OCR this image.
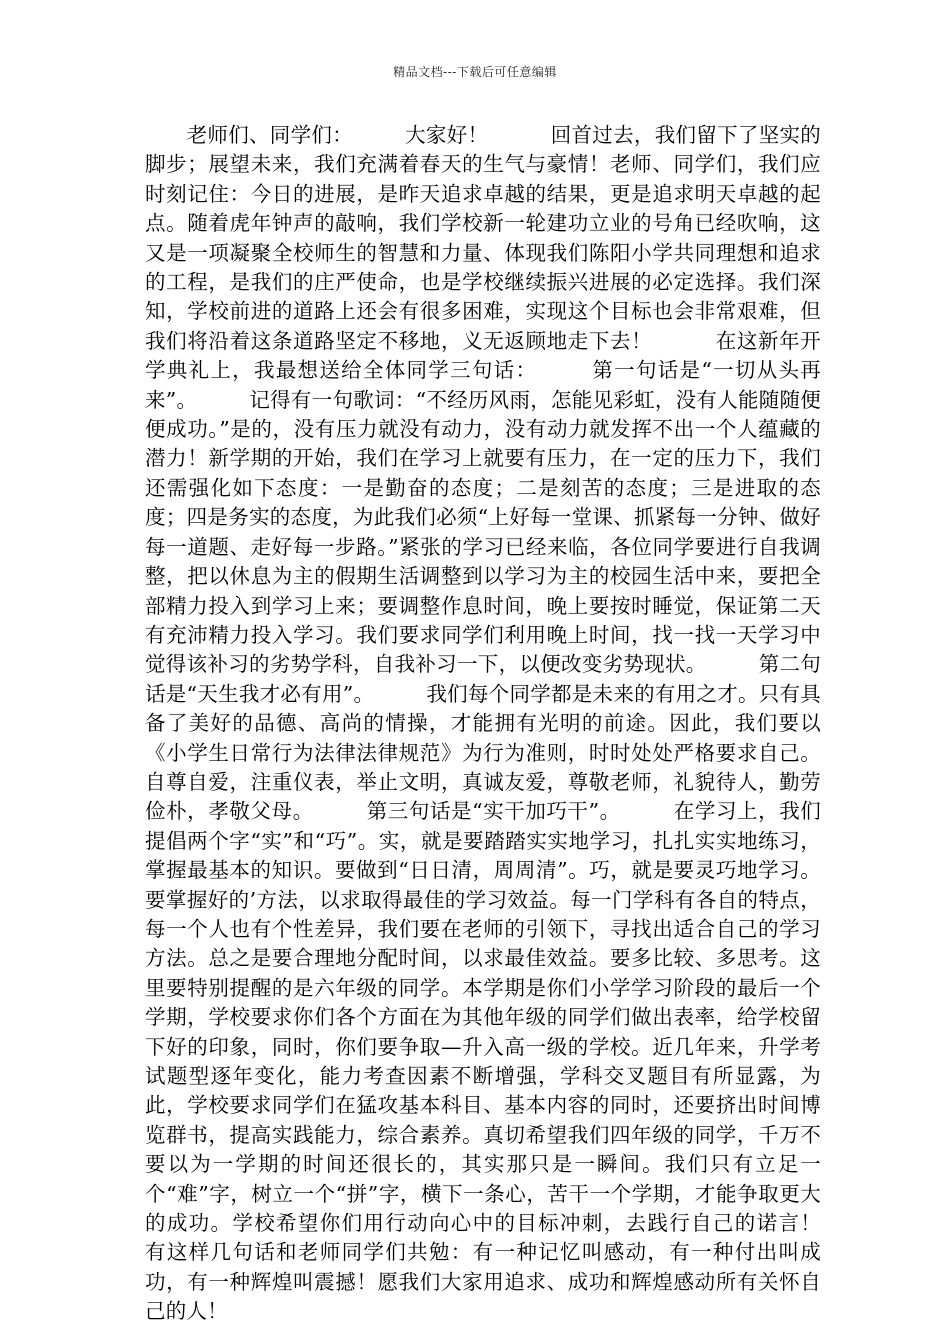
精品文档---下载后可任意编辑

　　老师们、同学们：　　　大家好！　　　回首过去，我们留下了坚实的脚步；展望未来，我们充满着春天的生气与豪情！老师、同学们，我们应时刻记住：今日的进展，是昨天追求卓越的结果，更是追求明天卓越的起点。随着虎年钟声的敲响，我们学校新一轮建功立业的号角已经吹响，这又是一项凝聚全校师生的智慧和力量、体现我们陈阳小学共同理想和追求的工程，是我们的庄严使命，也是学校继续振兴进展的必定选择。我们深知，学校前进的道路上还会有很多困难，实现这个目标也会非常艰难，但我们将沿着这条道路坚定不移地，义无返顾地走下去！　　　在这新年开学典礼上，我最想送给全体同学三句话：　　　第一句话是“一切从头再来”。　　　记得有一句歌词：“不经历风雨，怎能见彩虹，没有人能随随便便成功。”是的，没有压力就没有动力，没有动力就发挥不出一个人蕴藏的潜力！新学期的开始，我们在学习上就要有压力，在一定的压力下，我们还需强化如下态度：一是勤奋的态度；二是刻苦的态度；三是进取的态度；四是务实的态度，为此我们必须“上好每一堂课、抓紧每一分钟、做好每一道题、走好每一步路。”紧张的学习已经来临，各位同学要进行自我调整，把以休息为主的假期生活调整到以学习为主的校园生活中来，要把全部精力投入到学习上来；要调整作息时间，晚上要按时睡觉，保证第二天有充沛精力投入学习。我们要求同学们利用晚上时间，找一找一天学习中觉得该补习的劣势学科，自我补习一下，以便改变劣势现状。　　　第二句话是“天生我才必有用”。　　　我们每个同学都是未来的有用之才。只有具备了美好的品德、高尚的情操，才能拥有光明的前途。因此，我们要以《小学生日常行为法律法律规范》为行为准则，时时处处严格要求自己。自尊自爱，注重仪表，举止文明，真诚友爱，尊敬老师，礼貌待人，勤劳俭朴，孝敬父母。　　　第三句话是“实干加巧干”。　　　在学习上，我们提倡两个字“实”和“巧”。实，就是要踏踏实实地学习，扎扎实实地练习，掌握最基本的知识。要做到“日日清，周周清”。巧，就是要灵巧地学习。要掌握好的’方法，以求取得最佳的学习效益。每一门学科有各自的特点，每一个人也有个性差异，我们要在老师的引领下，寻找出适合自己的学习方法。总之是要合理地分配时间，以求最佳效益。要多比较、多思考。这里要特别提醒的是六年级的同学。本学期是你们小学学习阶段的最后一个学期，学校要求你们各个方面在为其他年级的同学们做出表率，给学校留下好的印象，同时，你们要争取—升入高一级的学校。近几年来，升学考试题型逐年变化，能力考查因素不断增强，学科交叉题目有所显露，为此，学校要求同学们在猛攻基本科目、基本内容的同时，还要挤出时间博览群书，提高实践能力，综合素养。真切希望我们四年级的同学，千万不要以为一学期的时间还很长的，其实那只是一瞬间。我们只有立足一个“难”字，树立一个“拼”字，横下一条心，苦干一个学期，才能争取更大的成功。学校希望你们用行动向心中的目标冲刺，去践行自己的诺言！　　　有这样几句话和老师同学们共勉：有一种记忆叫感动，有一种付出叫成功，有一种辉煌叫震撼！愿我们大家用追求、成功和辉煌感动所有关怀自己的人！
